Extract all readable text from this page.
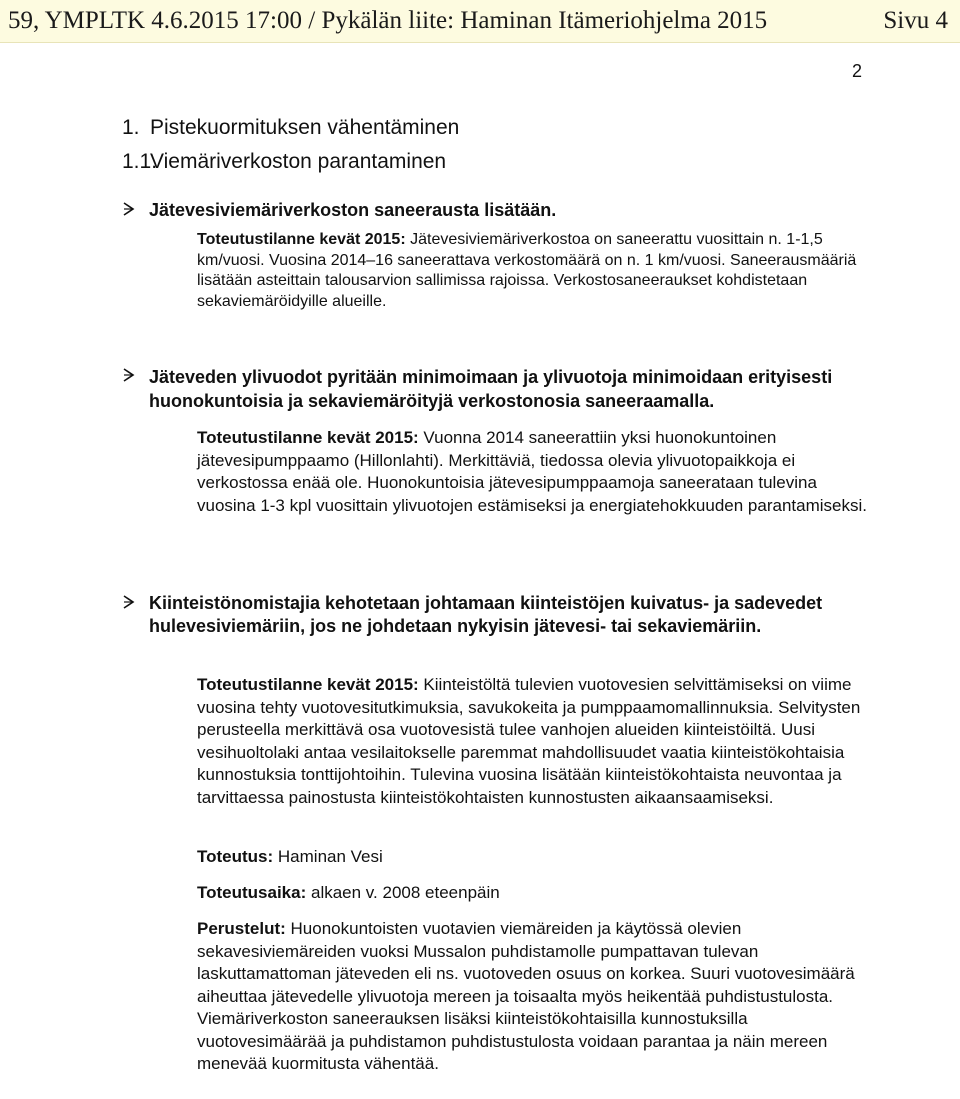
59, YMPLTK 4.6.2015 17:00 / Pykälän liite: Haminan Itämeriohjelma 2015	Sivu 4
2
1. Pistekuormituksen vähentäminen
1.1.Viemäriverkoston parantaminen
Jätevesiviemäriverkoston saneerausta lisätään.
Toteutustilanne kevät 2015: Jätevesiviemäriverkostoa on saneerattu vuosittain n. 1-1,5 km/vuosi. Vuosina 2014–16 saneerattava verkostomäärä on n. 1 km/vuosi. Saneerausmääriä lisätään asteittain talousarvion sallimissa rajoissa. Verkostosaneeraukset kohdistetaan sekaviemäröidyille alueille.
Jäteveden ylivuodot pyritään minimoimaan ja ylivuotoja minimoidaan erityisesti huonokuntoisia ja sekaviemäröityjä verkostonosia saneeraamalla.
Toteutustilanne kevät 2015: Vuonna 2014 saneerattiin yksi huonokuntoinen jätevesipumppaamo (Hillonlahti). Merkittäviä, tiedossa olevia ylivuotopaikkoja ei verkostossa enää ole. Huonokuntoisia jätevesipumppaamoja saneerataan tulevina vuosina 1-3 kpl vuosittain ylivuotojen estämiseksi ja energiatehokkuuden parantamiseksi.
Kiinteistönomistajia kehotetaan johtamaan kiinteistöjen kuivatus- ja sadevedet hulevesiviemäriin, jos ne johdetaan nykyisin jätevesi- tai sekaviemäriin.
Toteutustilanne kevät 2015: Kiinteistöltä tulevien vuotovesien selvittämiseksi on viime vuosina tehty vuotovesitutkimuksia, savukokeita ja pumppaamomallinnuksia. Selvitysten perusteella merkittävä osa vuotovesistä tulee vanhojen alueiden kiinteistöiltä. Uusi vesihuoltolaki antaa vesilaitokselle paremmat mahdollisuudet vaatia kiinteistökohtaisia kunnostuksia tonttijohtoihin. Tulevina vuosina lisätään kiinteistökohtaista neuvontaa ja tarvittaessa painostusta kiinteistökohtaisten kunnostusten aikaansaamiseksi.
Toteutus: Haminan Vesi
Toteutusaika: alkaen v. 2008 eteenpäin
Perustelut: Huonokuntoisten vuotavien viemäreiden ja käytössä olevien sekavesiviemäreiden vuoksi Mussalon puhdistamolle pumpattavan tulevan laskuttamattoman jäteveden eli ns. vuotoveden osuus on korkea. Suuri vuotovesimäärä aiheuttaa jätevedelle ylivuotoja mereen ja toisaalta myös heikentää puhdistustulosta. Viemäriverkoston saneerauksen lisäksi kiinteistökohtaisilla kunnostuksilla vuotovesimäärää ja puhdistamon puhdistustulosta voidaan parantaa ja näin mereen menevää kuormitusta vähentää.
